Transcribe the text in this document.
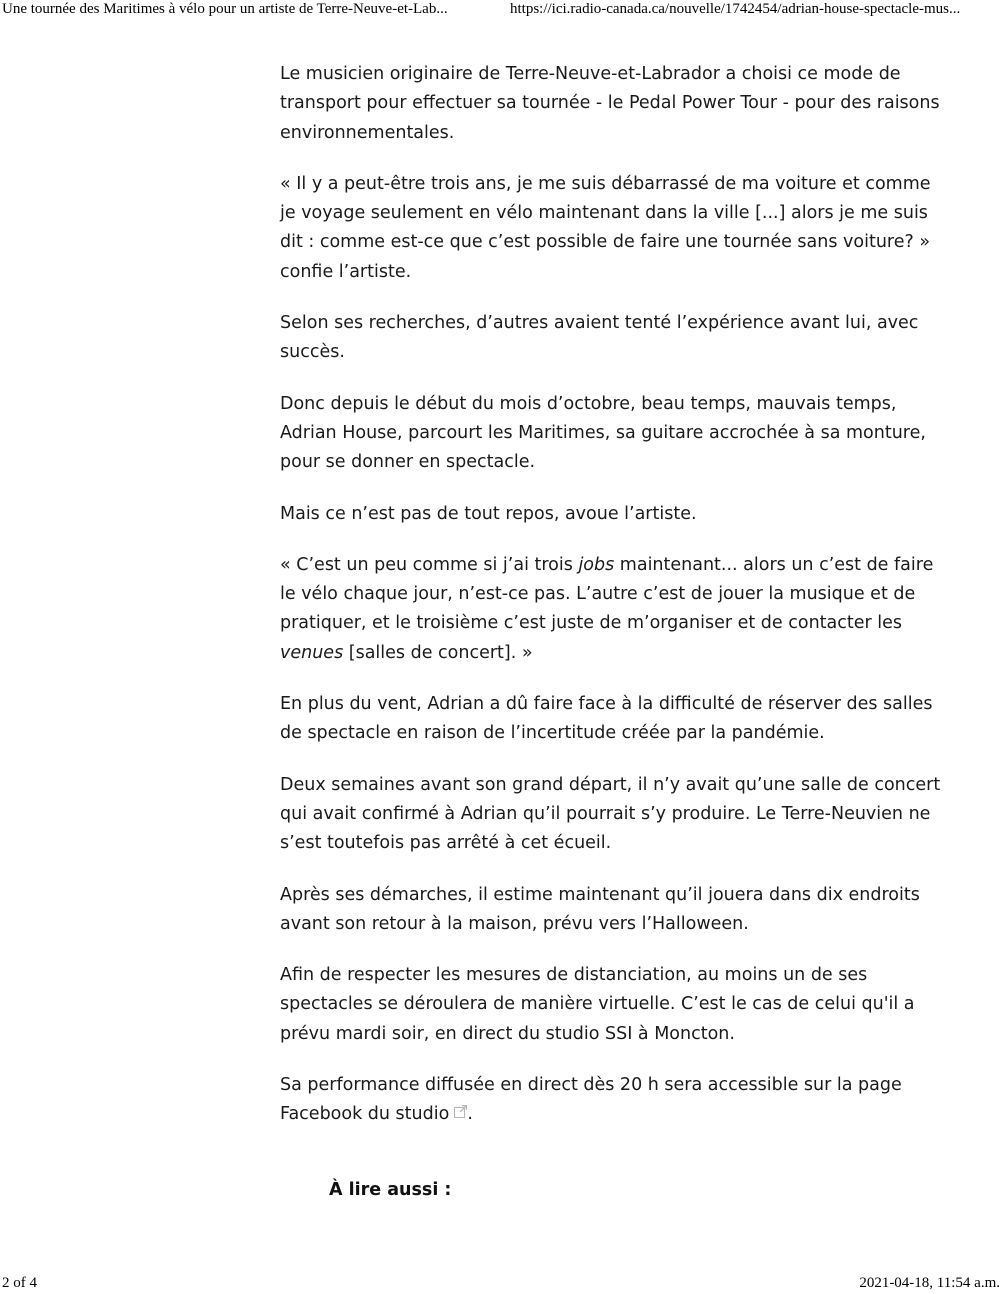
Une tournée des Maritimes à vélo pour un artiste de Terre-Neuve-et-Lab...	https://ici.radio-canada.ca/nouvelle/1742454/adrian-house-spectacle-mus...

Le musicien originaire de Terre-Neuve-et-Labrador a choisi ce mode de transport pour effectuer sa tournée - le Pedal Power Tour - pour des raisons environnementales.

« Il y a peut-être trois ans, je me suis débarrassé de ma voiture et comme je voyage seulement en vélo maintenant dans la ville [...] alors je me suis dit : comme est-ce que c’est possible de faire une tournée sans voiture? » confie l’artiste.

Selon ses recherches, d’autres avaient tenté l’expérience avant lui, avec succès.

Donc depuis le début du mois d’octobre, beau temps, mauvais temps, Adrian House, parcourt les Maritimes, sa guitare accrochée à sa monture, pour se donner en spectacle.

Mais ce n’est pas de tout repos, avoue l’artiste.

« C’est un peu comme si j’ai trois jobs maintenant... alors un c’est de faire le vélo chaque jour, n’est-ce pas. L’autre c’est de jouer la musique et de pratiquer, et le troisième c’est juste de m’organiser et de contacter les venues [salles de concert]. »

En plus du vent, Adrian a dû faire face à la difficulté de réserver des salles de spectacle en raison de l’incertitude créée par la pandémie.

Deux semaines avant son grand départ, il n’y avait qu’une salle de concert qui avait confirmé à Adrian qu’il pourrait s’y produire. Le Terre-Neuvien ne s’est toutefois pas arrêté à cet écueil.

Après ses démarches, il estime maintenant qu’il jouera dans dix endroits avant son retour à la maison, prévu vers l’Halloween.

Afin de respecter les mesures de distanciation, au moins un de ses spectacles se déroulera de manière virtuelle. C’est le cas de celui qu'il a prévu mardi soir, en direct du studio SSI à Moncton.

Sa performance diffusée en direct dès 20 h sera accessible sur la page Facebook du studio .

À lire aussi :
2 of 4	2021-04-18, 11:54 a.m.
